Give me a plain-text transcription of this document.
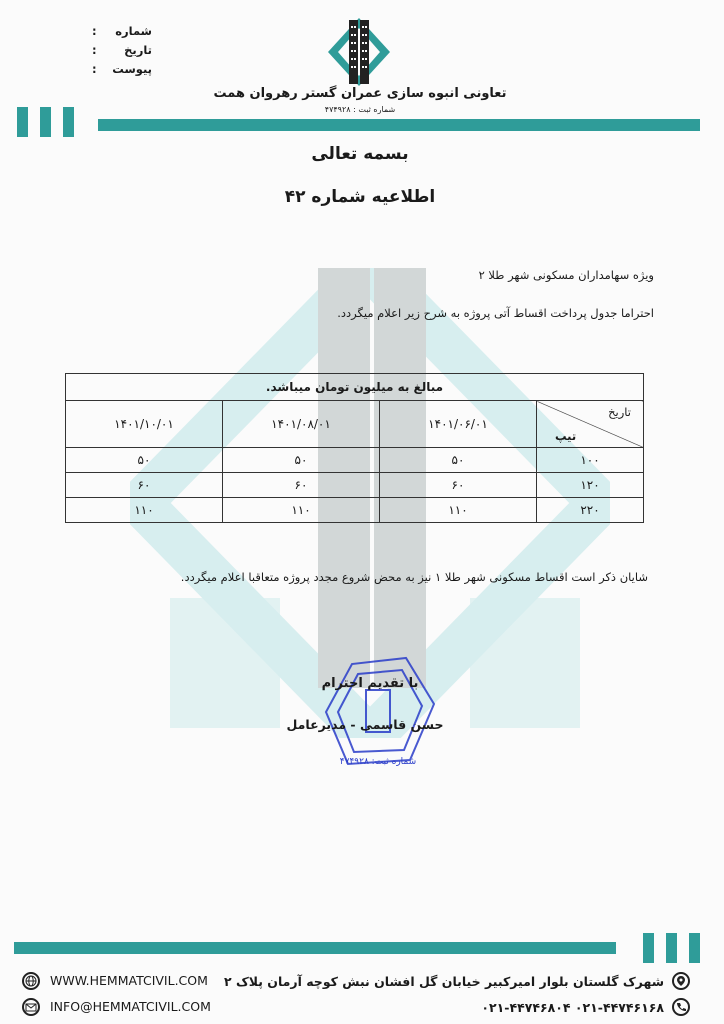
شماره
:
تاریخ
:
پیوست
:
تعاونی انبوه سازی عمران گستر رهروان همت
شماره ثبت : ۴۷۴۹۲۸
بسمه تعالی
اطلاعیه شماره ۴۲
ویژه سهامداران مسکونی شهر طلا ۲
احتراما جدول پرداخت اقساط آتی پروژه به شرح زیر اعلام میگردد.
مبالغ به میلیون تومان میباشد.			

تاریخ
تیپ	۱۴۰۱/۰۶/۰۱	۱۴۰۱/۰۸/۰۱	۱۴۰۱/۱۰/۰۱
۱۰۰	۵۰	۵۰	۵۰
۱۲۰	۶۰	۶۰	۶۰
۲۲۰	۱۱۰	۱۱۰	۱۱۰
شایان ذکر است اقساط مسکونی شهر طلا ۱ نیز به محض شروع مجدد پروژه متعاقبا اعلام میگردد.
شماره ثبت: ۴۷۴۹۲۸
با تقدیم احترام
حسن قاسمی - مدیرعامل
WWW.HEMMATCIVIL.COM
INFO@HEMMATCIVIL.COM
شهرک گلستان بلوار امیرکبیر خیابان گل افشان نبش کوچه آرمان پلاک ۲
۰۲۱-۴۴۷۴۶۸۰۴ ۰۲۱-۴۴۷۴۶۱۶۸
